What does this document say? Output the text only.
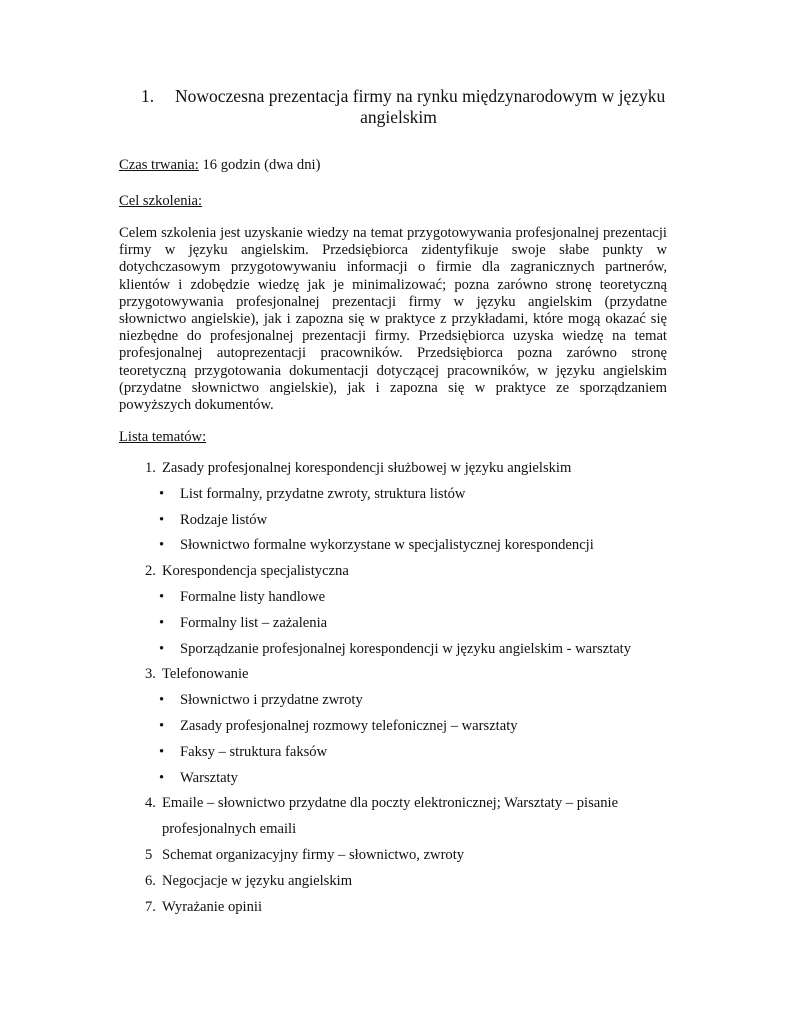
1. Nowoczesna prezentacja firmy na rynku międzynarodowym w języku
angielskim
Czas trwania: 16 godzin (dwa dni)
Cel szkolenia:
Celem szkolenia jest uzyskanie wiedzy na temat przygotowywania profesjonalnej prezentacji firmy w języku angielskim. Przedsiębiorca zidentyfikuje swoje słabe punkty w dotychczasowym przygotowywaniu informacji o firmie dla zagranicznych partnerów, klientów i zdobędzie wiedzę jak je minimalizować; pozna zarówno stronę teoretyczną przygotowywania profesjonalnej prezentacji firmy w języku angielskim (przydatne słownictwo angielskie), jak i zapozna się w praktyce z przykładami, które mogą okazać się niezbędne do profesjonalnej prezentacji firmy. Przedsiębiorca uzyska wiedzę na temat profesjonalnej autoprezentacji pracowników. Przedsiębiorca pozna zarówno stronę teoretyczną przygotowania dokumentacji dotyczącej pracowników, w języku angielskim (przydatne słownictwo angielskie), jak i zapozna się w praktyce ze sporządzaniem powyższych dokumentów.
Lista tematów:
1. Zasady profesjonalnej korespondencji służbowej w języku angielskim
• List formalny, przydatne zwroty, struktura listów
• Rodzaje listów
• Słownictwo formalne wykorzystane w specjalistycznej korespondencji
2. Korespondencja specjalistyczna
• Formalne listy handlowe
• Formalny list – zażalenia
• Sporządzanie profesjonalnej korespondencji w języku angielskim - warsztaty
3. Telefonowanie
• Słownictwo i przydatne zwroty
• Zasady profesjonalnej rozmowy telefonicznej – warsztaty
• Faksy – struktura faksów
• Warsztaty
4. Emaile – słownictwo przydatne dla poczty elektronicznej; Warsztaty – pisanie
profesjonalnych emaili
5 Schemat organizacyjny firmy – słownictwo, zwroty
6. Negocjacje w języku angielskim
7. Wyrażanie opinii
